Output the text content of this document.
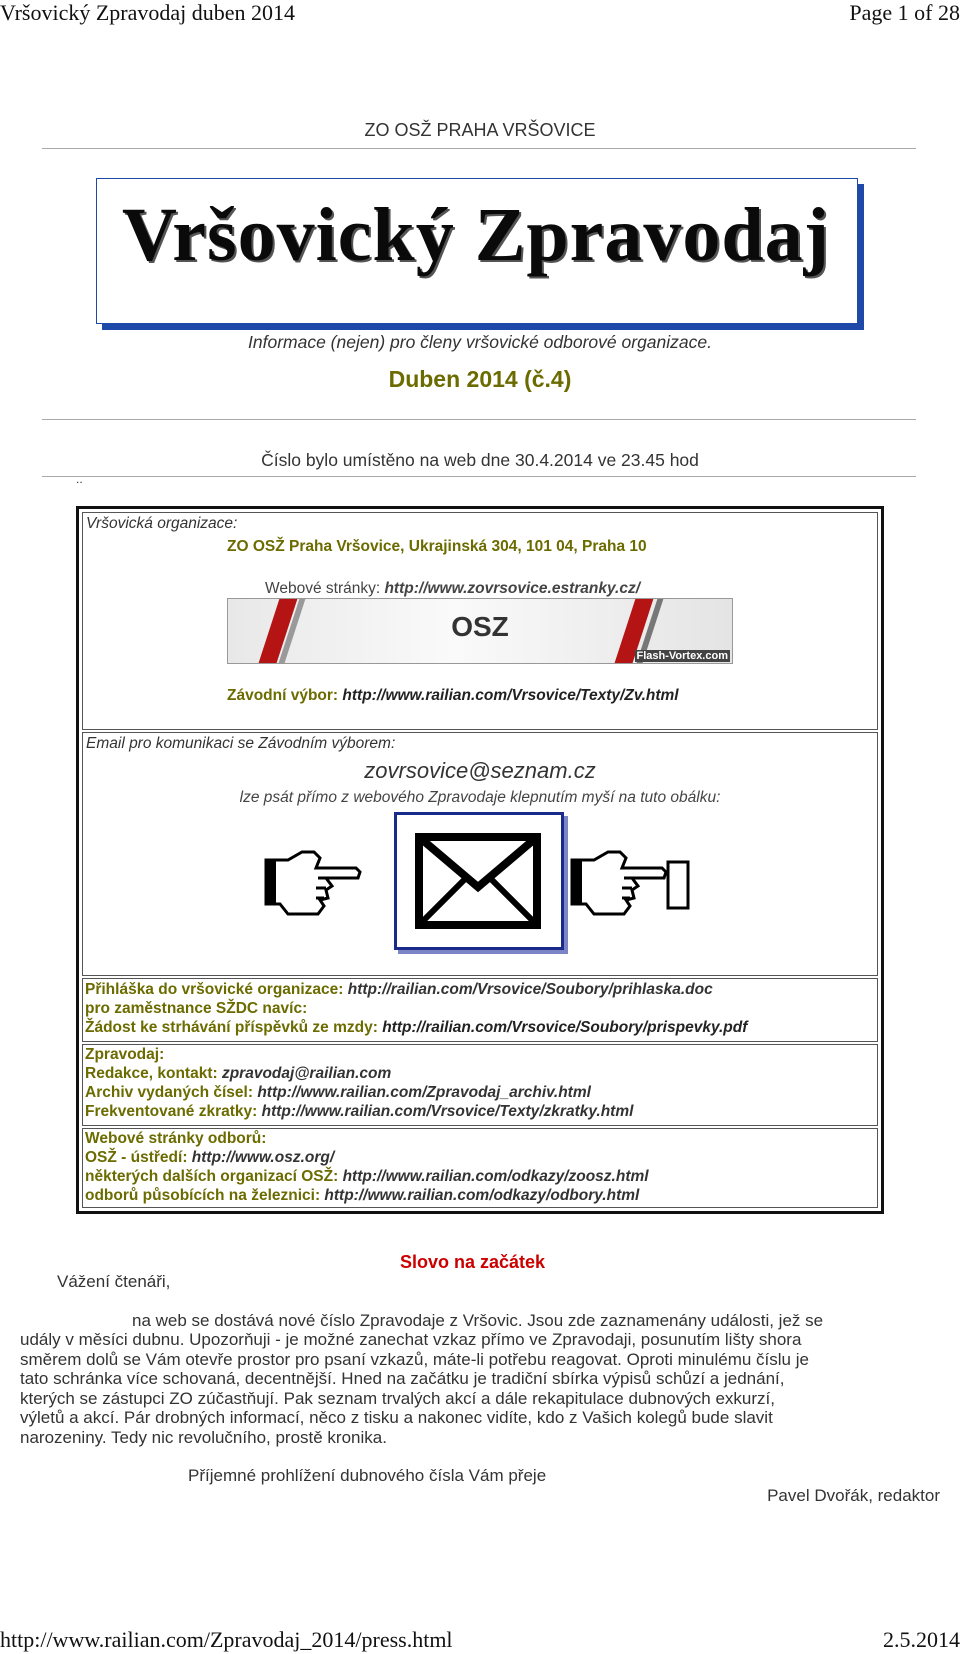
Vršovický Zpravodaj duben 2014	Page 1 of 28
ZO OSŽ PRAHA VRŠOVICE
Vršovický Zpravodaj
Informace (nejen) pro členy vršovické odborové organizace.
Duben 2014 (č.4)
Číslo bylo umístěno na web dne 30.4.2014 ve 23.45 hod
..
Vršovická organizace:
ZO OSŽ Praha Vršovice, Ukrajinská 304, 101 04, Praha 10
Webové stránky: http://www.zovrsovice.estranky.cz/
OSZ
Flash-Vortex.com
Závodní výbor: http://www.railian.com/Vrsovice/Texty/Zv.html
Email pro komunikaci se Závodním výborem:
zovrsovice@seznam.cz
lze psát přímo z webového Zpravodaje klepnutím myší na tuto obálku:
Přihláška do vršovické organizace: http://railian.com/Vrsovice/Soubory/prihlaska.doc
pro zaměstnance SŽDC navíc:
Žádost ke strhávání příspěvků ze mzdy: http://railian.com/Vrsovice/Soubory/prispevky.pdf
Zpravodaj:
Redakce, kontakt: zpravodaj@railian.com
Archiv vydaných čísel: http://www.railian.com/Zpravodaj_archiv.html
Frekventované zkratky: http://www.railian.com/Vrsovice/Texty/zkratky.html
Webové stránky odborů:
OSŽ - ústředí: http://www.osz.org/
některých dalších organizací OSŽ: http://www.railian.com/odkazy/zoosz.html
odborů působících na železnici: http://www.railian.com/odkazy/odbory.html
Slovo na začátek
Vážení čtenáři,
na web se dostává nové číslo Zpravodaje z Vršovic. Jsou zde zaznamenány události, jež se
udály v měsíci dubnu. Upozorňuji - je možné zanechat vzkaz přímo ve Zpravodaji, posunutím lišty shora
směrem dolů se Vám otevře prostor pro psaní vzkazů, máte-li potřebu reagovat. Oproti minulému číslu je
tato schránka více schovaná, decentnější. Hned na začátku je tradiční sbírka výpisů schůzí a jednání,
kterých se zástupci ZO zúčastňují. Pak seznam trvalých akcí a dále rekapitulace dubnových exkurzí,
výletů a akcí. Pár drobných informací, něco z tisku a nakonec vidíte, kdo z Vašich kolegů bude slavit
narozeniny. Tedy nic revolučního, prostě kronika.
Příjemné prohlížení dubnového čísla Vám přeje
Pavel Dvořák, redaktor
http://www.railian.com/Zpravodaj_2014/press.html	2.5.2014
